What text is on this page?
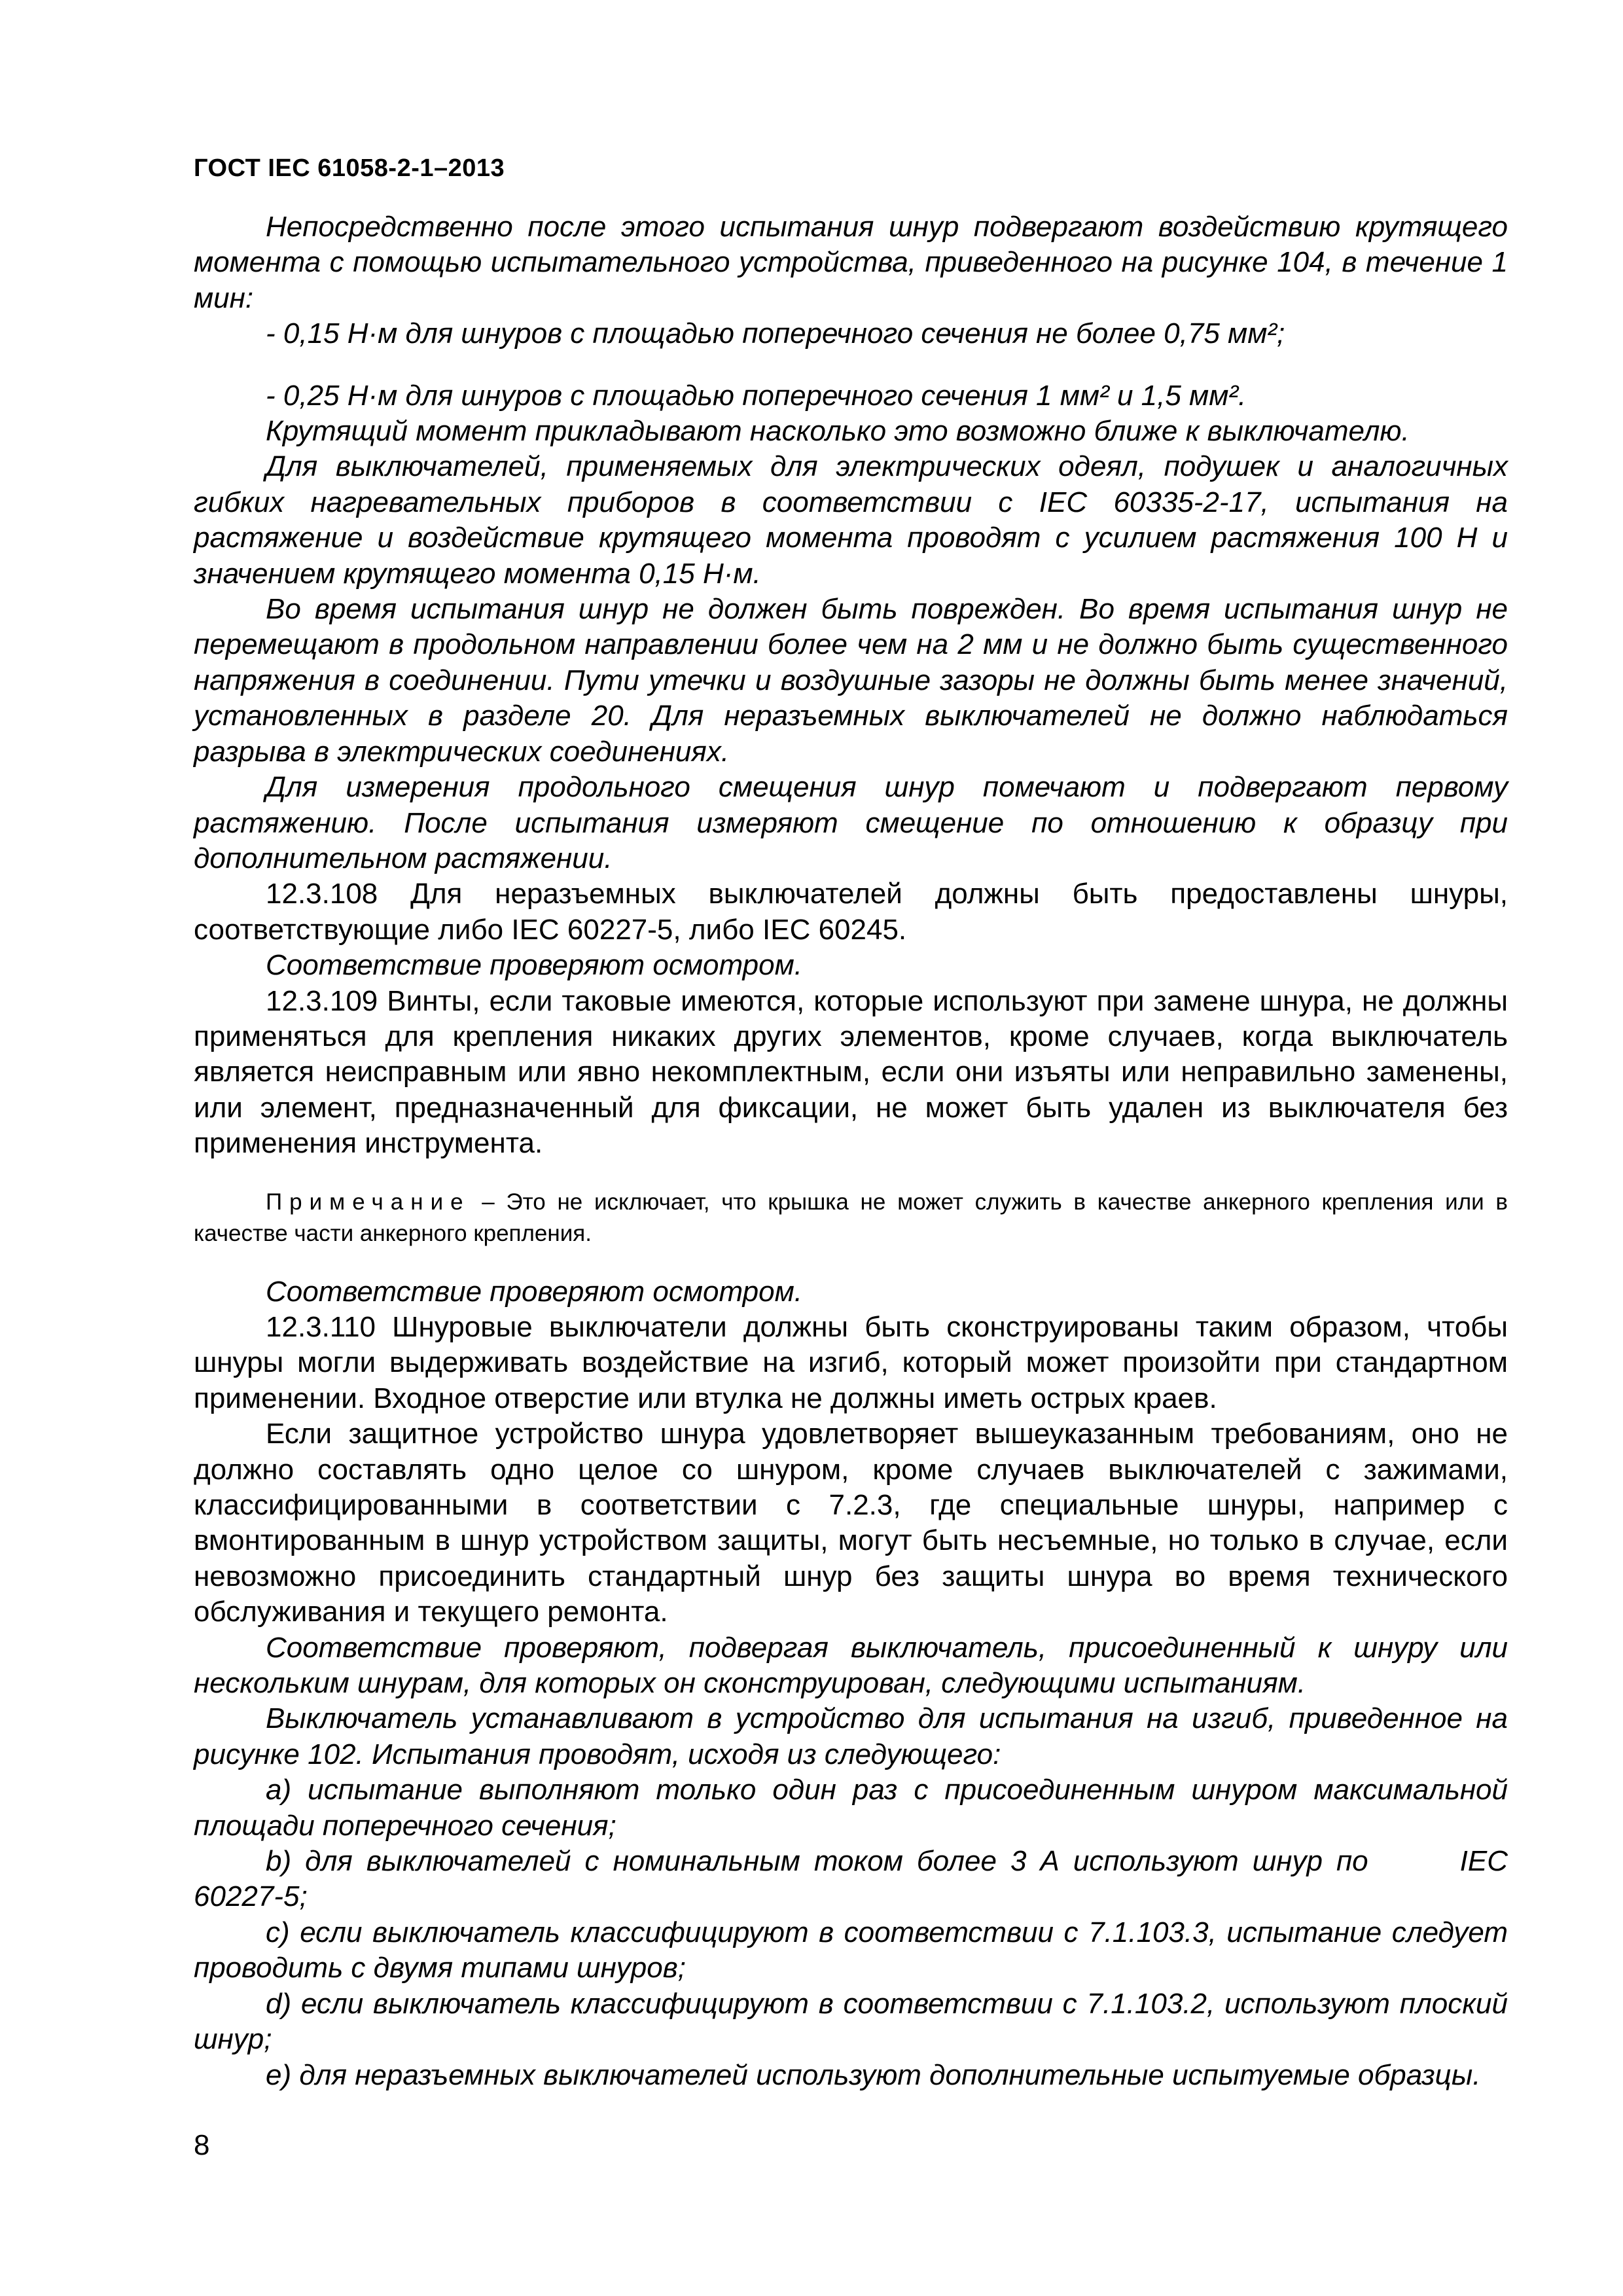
ГОСТ IEC 61058-2-1–2013

Непосредственно после этого испытания шнур подвергают воздействию крутящего момента с помощью испытательного устройства, приведенного на рисунке 104, в течение 1 мин:

- 0,15 Н·м для шнуров с площадью поперечного сечения не более 0,75 мм²;

- 0,25 Н·м для шнуров с площадью поперечного сечения 1 мм² и 1,5 мм².

Крутящий момент прикладывают насколько это возможно ближе к выключателю.

Для выключателей, применяемых для электрических одеял, подушек и аналогичных гибких нагревательных приборов в соответствии с IEC 60335-2-17, испытания на растяжение и воздействие крутящего момента проводят с усилием растяжения 100 Н и значением крутящего момента 0,15 Н·м.

Во время испытания шнур не должен быть поврежден. Во время испытания шнур не перемещают в продольном направлении более чем на 2 мм и не должно быть существенного напряжения в соединении. Пути утечки и воздушные зазоры не должны быть менее значений, установленных в разделе 20. Для неразъемных выключателей не должно наблюдаться разрыва в электрических соединениях.

Для измерения продольного смещения шнур помечают и подвергают первому растяжению. После испытания измеряют смещение по отношению к образцу при дополнительном растяжении.

12.3.108 Для неразъемных выключателей должны быть предоставлены шнуры, соответствующие либо IEC 60227-5, либо IEC 60245.

Соответствие проверяют осмотром.

12.3.109 Винты, если таковые имеются, которые используют при замене шнура, не должны применяться для крепления никаких других элементов, кроме случаев, когда выключатель является неисправным или явно некомплектным, если они изъяты или неправильно заменены, или элемент, предназначенный для фиксации, не может быть удален из выключателя без применения инструмента.

Примечание – Это не исключает, что крышка не может служить в качестве анкерного крепления или в качестве части анкерного крепления.

Соответствие проверяют осмотром.

12.3.110 Шнуровые выключатели должны быть сконструированы таким образом, чтобы шнуры могли выдерживать воздействие на изгиб, который может произойти при стандартном применении. Входное отверстие или втулка не должны иметь острых краев.

Если защитное устройство шнура удовлетворяет вышеуказанным требованиям, оно не должно составлять одно целое со шнуром, кроме случаев выключателей с зажимами, классифицированными в соответствии с 7.2.3, где специальные шнуры, например с вмонтированным в шнур устройством защиты, могут быть несъемные, но только в случае, если невозможно присоединить стандартный шнур без защиты шнура во время технического обслуживания и текущего ремонта.

Соответствие проверяют, подвергая выключатель, присоединенный к шнуру или нескольким шнурам, для которых он сконструирован, следующими испытаниям.

Выключатель устанавливают в устройство для испытания на изгиб, приведенное на рисунке 102. Испытания проводят, исходя из следующего:

a) испытание выполняют только один раз с присоединенным шнуром максимальной площади поперечного сечения;

b) для выключателей с номинальным током более 3 А используют шнур по	IEC 60227-5;

c) если выключатель классифицируют в соответствии с 7.1.103.3, испытание следует проводить с двумя типами шнуров;

d) если выключатель классифицируют в соответствии с 7.1.103.2, используют плоский шнур;

e) для неразъемных выключателей используют дополнительные испытуемые образцы.

8
